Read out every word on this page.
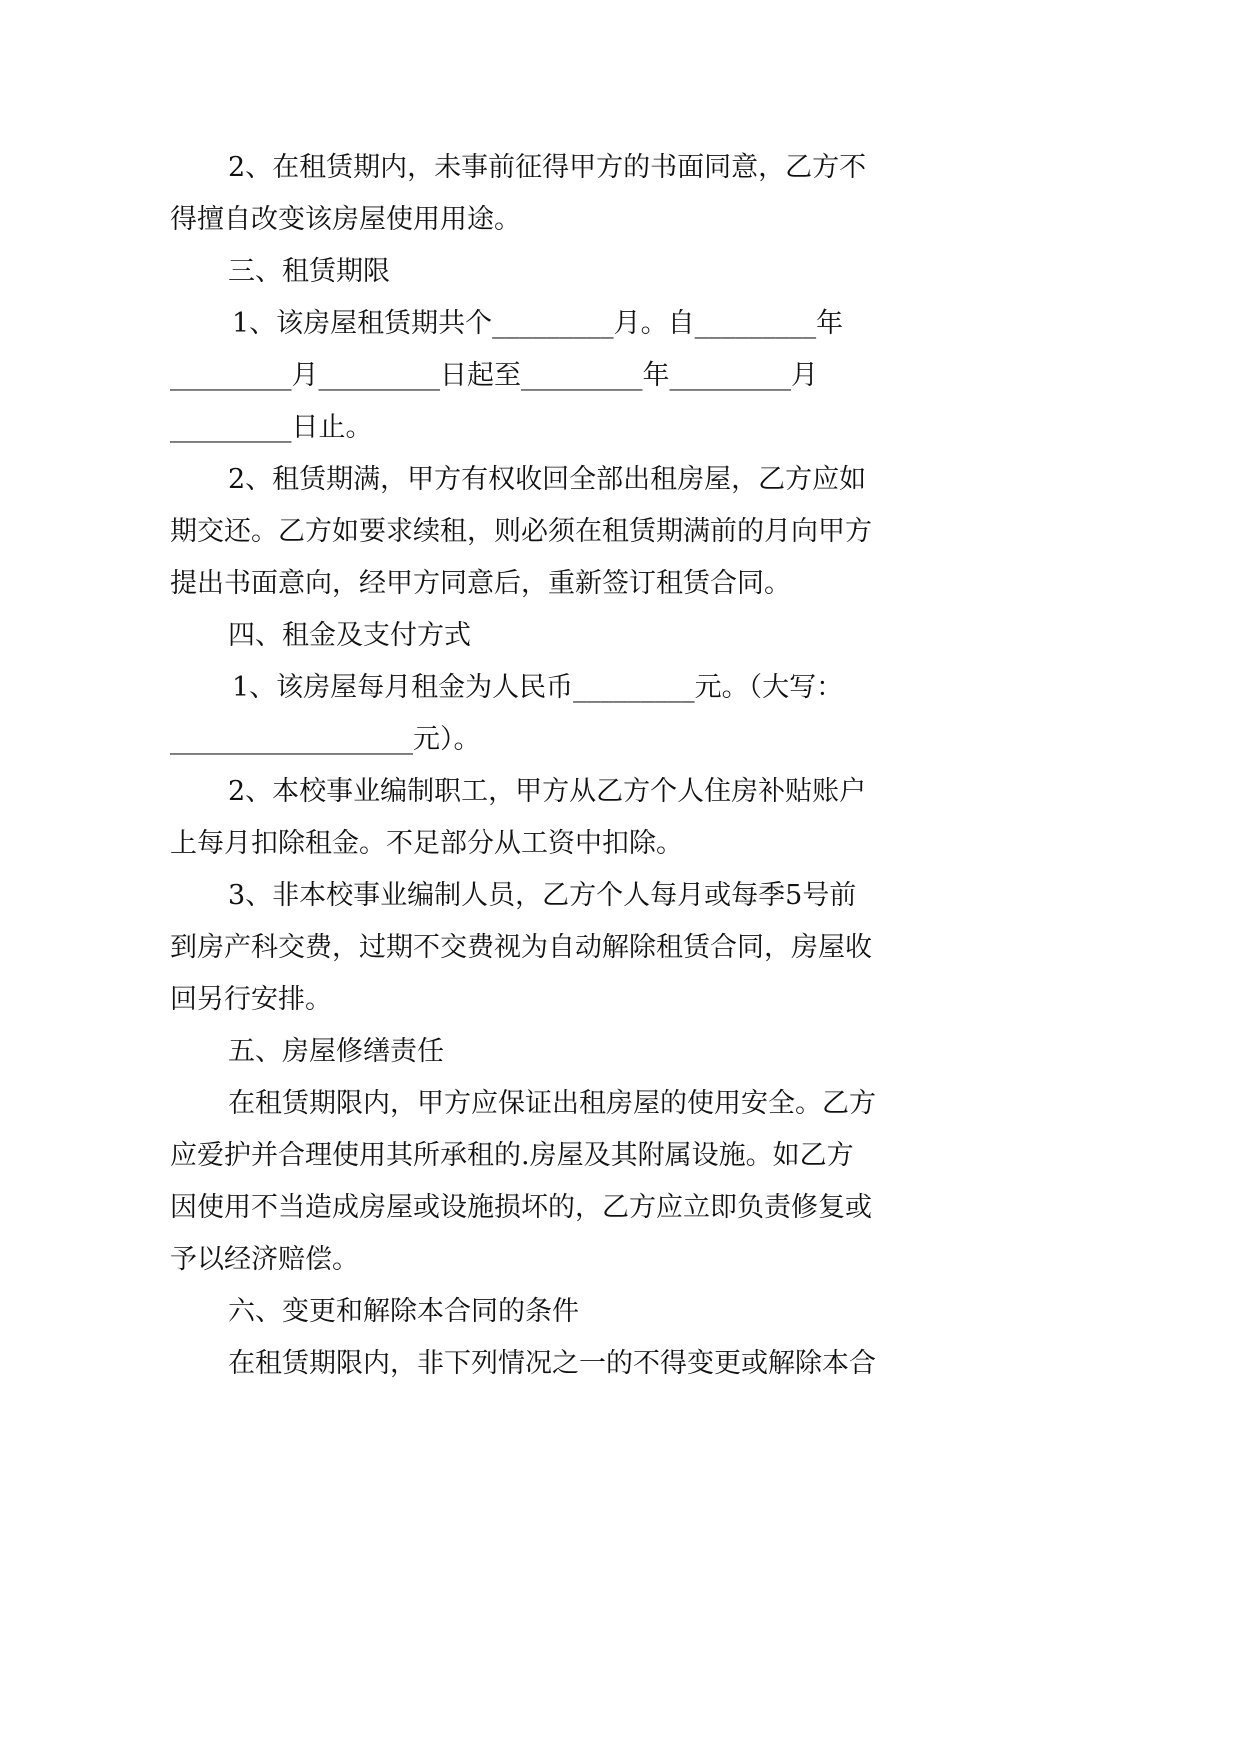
2、在租赁期内，未事前征得甲方的书面同意，乙方不
得擅自改变该房屋使用用途。
三、租赁期限
1、该房屋租赁期共个_________月。自_________年
_________月_________日起至_________年_________月
_________日止。
2、租赁期满，甲方有权收回全部出租房屋，乙方应如
期交还。乙方如要求续租，则必须在租赁期满前的月向甲方
提出书面意向，经甲方同意后，重新签订租赁合同。
四、租金及支付方式
1、该房屋每月租金为人民币_________元。（大写：
__________________元）。
2、本校事业编制职工，甲方从乙方个人住房补贴账户
上每月扣除租金。不足部分从工资中扣除。
3、非本校事业编制人员，乙方个人每月或每季5号前
到房产科交费，过期不交费视为自动解除租赁合同，房屋收
回另行安排。
五、房屋修缮责任
在租赁期限内，甲方应保证出租房屋的使用安全。乙方
应爱护并合理使用其所承租的.房屋及其附属设施。如乙方
因使用不当造成房屋或设施损坏的，乙方应立即负责修复或
予以经济赔偿。
六、变更和解除本合同的条件
在租赁期限内，非下列情况之一的不得变更或解除本合
